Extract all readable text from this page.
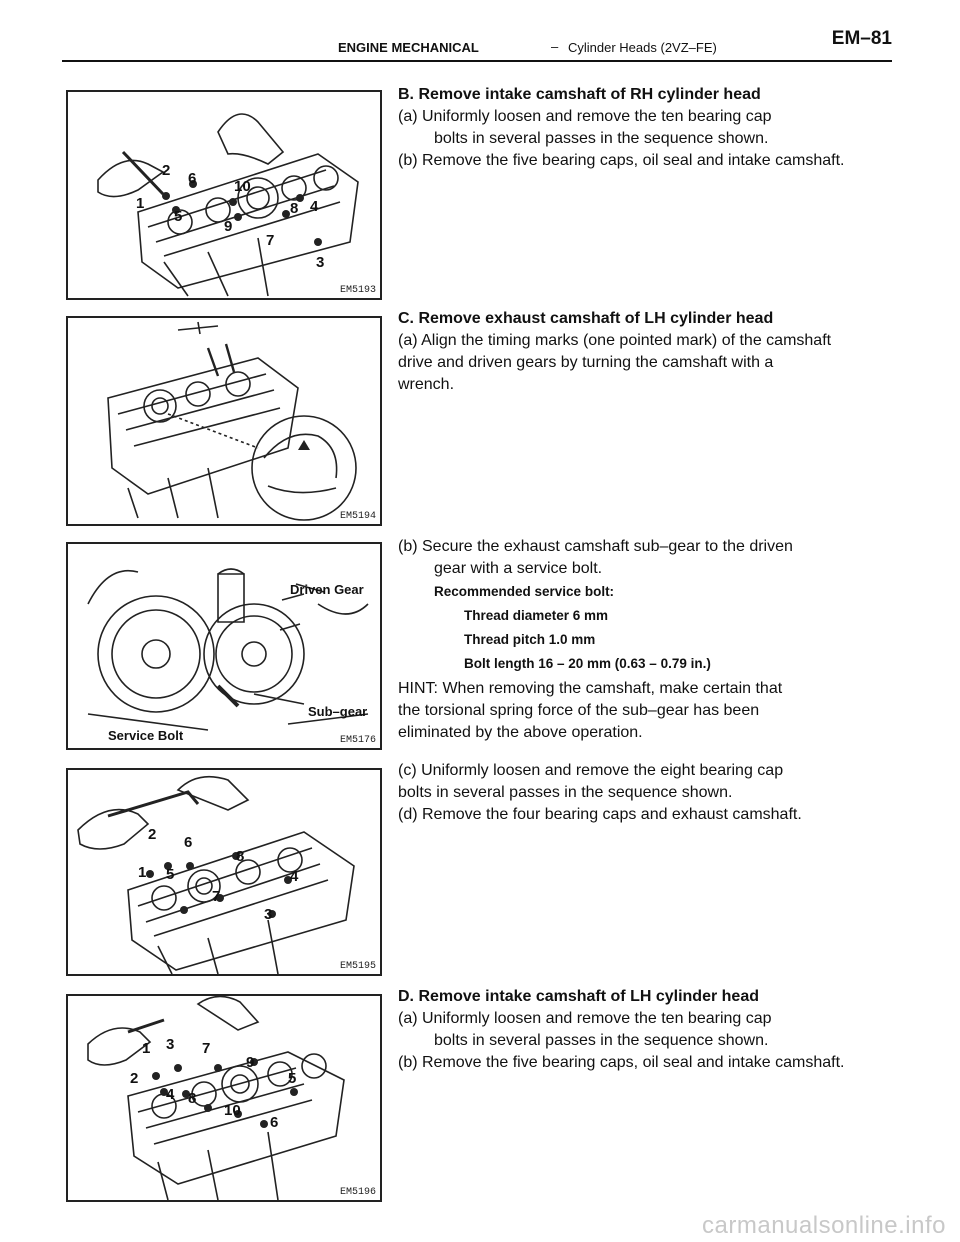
ENGINE MECHANICAL	– Cylinder Heads (2VZ–FE)	EM–81
1
2
3
4
5
6
7
8
9
10
EM5193
EM5194
Driven Gear
Sub–gear
Service Bolt	EM5176
1
2
3
4
5
6
7
8
EM5195
1
2
3
4
5
6
7
8
9
10
EM5196

B. Remove intake camshaft of RH cylinder head

(a) Uniformly loosen and remove the ten bearing cap

bolts in several passes in the sequence shown.

(b) Remove the five bearing caps, oil seal and intake camshaft.

C. Remove exhaust camshaft of LH cylinder head

(a) Align the timing marks (one pointed mark) of the camshaft

drive and driven gears by turning the camshaft with a

wrench.

(b) Secure the exhaust camshaft sub–gear to the driven

gear with a service bolt.

Recommended service bolt:

Thread diameter 6 mm

Thread pitch 1.0 mm

Bolt length 16 – 20 mm (0.63 – 0.79 in.)

HINT: When removing the camshaft, make certain that

the torsional spring force of the sub–gear has been

eliminated by the above operation.

(c) Uniformly loosen and remove the eight bearing cap

bolts in several passes in the sequence shown.

(d) Remove the four bearing caps and exhaust camshaft.

D. Remove intake camshaft of LH cylinder head

(a) Uniformly loosen and remove the ten bearing cap

bolts in several passes in the sequence shown.

(b) Remove the five bearing caps, oil seal and intake camshaft.

carmanualsonline.info
